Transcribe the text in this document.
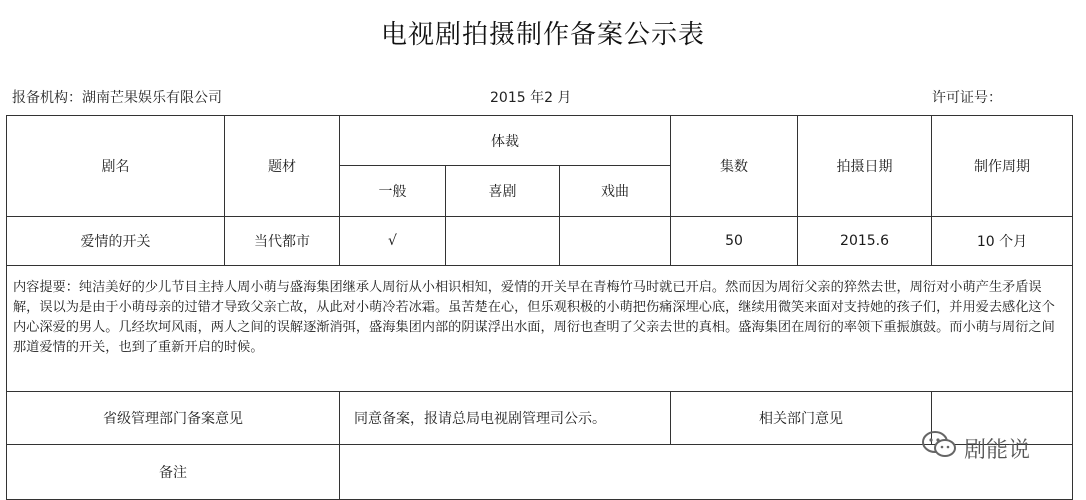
电视剧拍摄制作备案公示表
报备机构：湖南芒果娱乐有限公司	2015 年2 月	许可证号：
剧名	题材	体裁			集数	拍摄日期	制作周期
		一般	喜剧	戏曲			
爱情的开关	当代都市	√			50	2015.6	10 个月
内容提要：纯洁美好的少儿节目主持人周小萌与盛海集团继承人周衍从小相识相知，爱情的开关早在青梅竹马时就已开启。然而因为周衍父亲的猝然去世，周衍对小萌产生矛盾误解，误以为是由于小萌母亲的过错才导致父亲亡故，从此对小萌冷若冰霜。虽苦楚在心，但乐观积极的小萌把伤痛深埋心底，继续用微笑来面对支持她的孩子们，并用爱去感化这个内心深爱的男人。几经坎坷风雨，两人之间的误解逐渐消弭，盛海集团内部的阴谋浮出水面，周衍也查明了父亲去世的真相。盛海集团在周衍的率领下重振旗鼓。而小萌与周衍之间那道爱情的开关，也到了重新开启的时候。							
省级管理部门备案意见		同意备案，报请总局电视剧管理司公示。			相关部门意见		
备注							
剧能说
